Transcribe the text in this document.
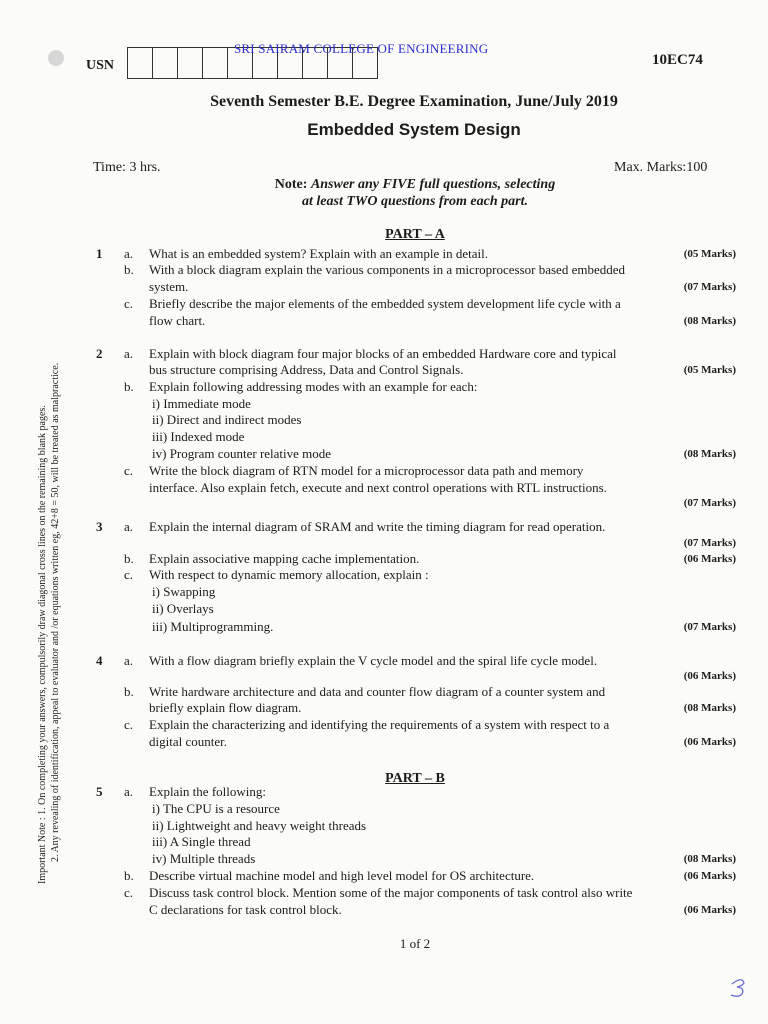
USN
SRI SAIRAM COLLEGE OF ENGINEERING
10EC74
Seventh Semester B.E. Degree Examination, June/July 2019
Embedded System Design
Time: 3 hrs.	Max. Marks:100
Note: Answer any FIVE full questions, selecting
at least TWO questions from each part.
Important Note : 1. On completing your answers, compulsorily draw diagonal cross lines on the remaining blank pages. 2. Any revealing of identification, appeal to evaluator and /or equations written eg, 42+8 = 50, will be treated as malpractice.
PART – A
1 a. What is an embedded system? Explain with an example in detail.	(05 Marks)
b. With a block diagram explain the various components in a microprocessor based embedded
system.	(07 Marks)
c. Briefly describe the major elements of the embedded system development life cycle with a
flow chart.	(08 Marks)
2 a. Explain with block diagram four major blocks of an embedded Hardware core and typical
bus structure comprising Address, Data and Control Signals.	(05 Marks)
b. Explain following addressing modes with an example for each:
i) Immediate mode
ii) Direct and indirect modes
iii) Indexed mode
iv) Program counter relative mode	(08 Marks)
c. Write the block diagram of RTN model for a microprocessor data path and memory
interface. Also explain fetch, execute and next control operations with RTL instructions.
(07 Marks)
3 a. Explain the internal diagram of SRAM and write the timing diagram for read operation.
(07 Marks)
b. Explain associative mapping cache implementation.	(06 Marks)
c. With respect to dynamic memory allocation, explain :
i) Swapping
ii) Overlays
iii) Multiprogramming.	(07 Marks)
4 a. With a flow diagram briefly explain the V cycle model and the spiral life cycle model.
(06 Marks)
b. Write hardware architecture and data and counter flow diagram of a counter system and
briefly explain flow diagram.	(08 Marks)
c. Explain the characterizing and identifying the requirements of a system with respect to a
digital counter.	(06 Marks)
5 a. Explain the following:
i) The CPU is a resource
ii) Lightweight and heavy weight threads
iii) A Single thread
iv) Multiple threads	(08 Marks)
b. Describe virtual machine model and high level model for OS architecture.	(06 Marks)
c. Discuss task control block. Mention some of the major components of task control also write
C declarations for task control block.	(06 Marks)
PART – B
1 of 2
